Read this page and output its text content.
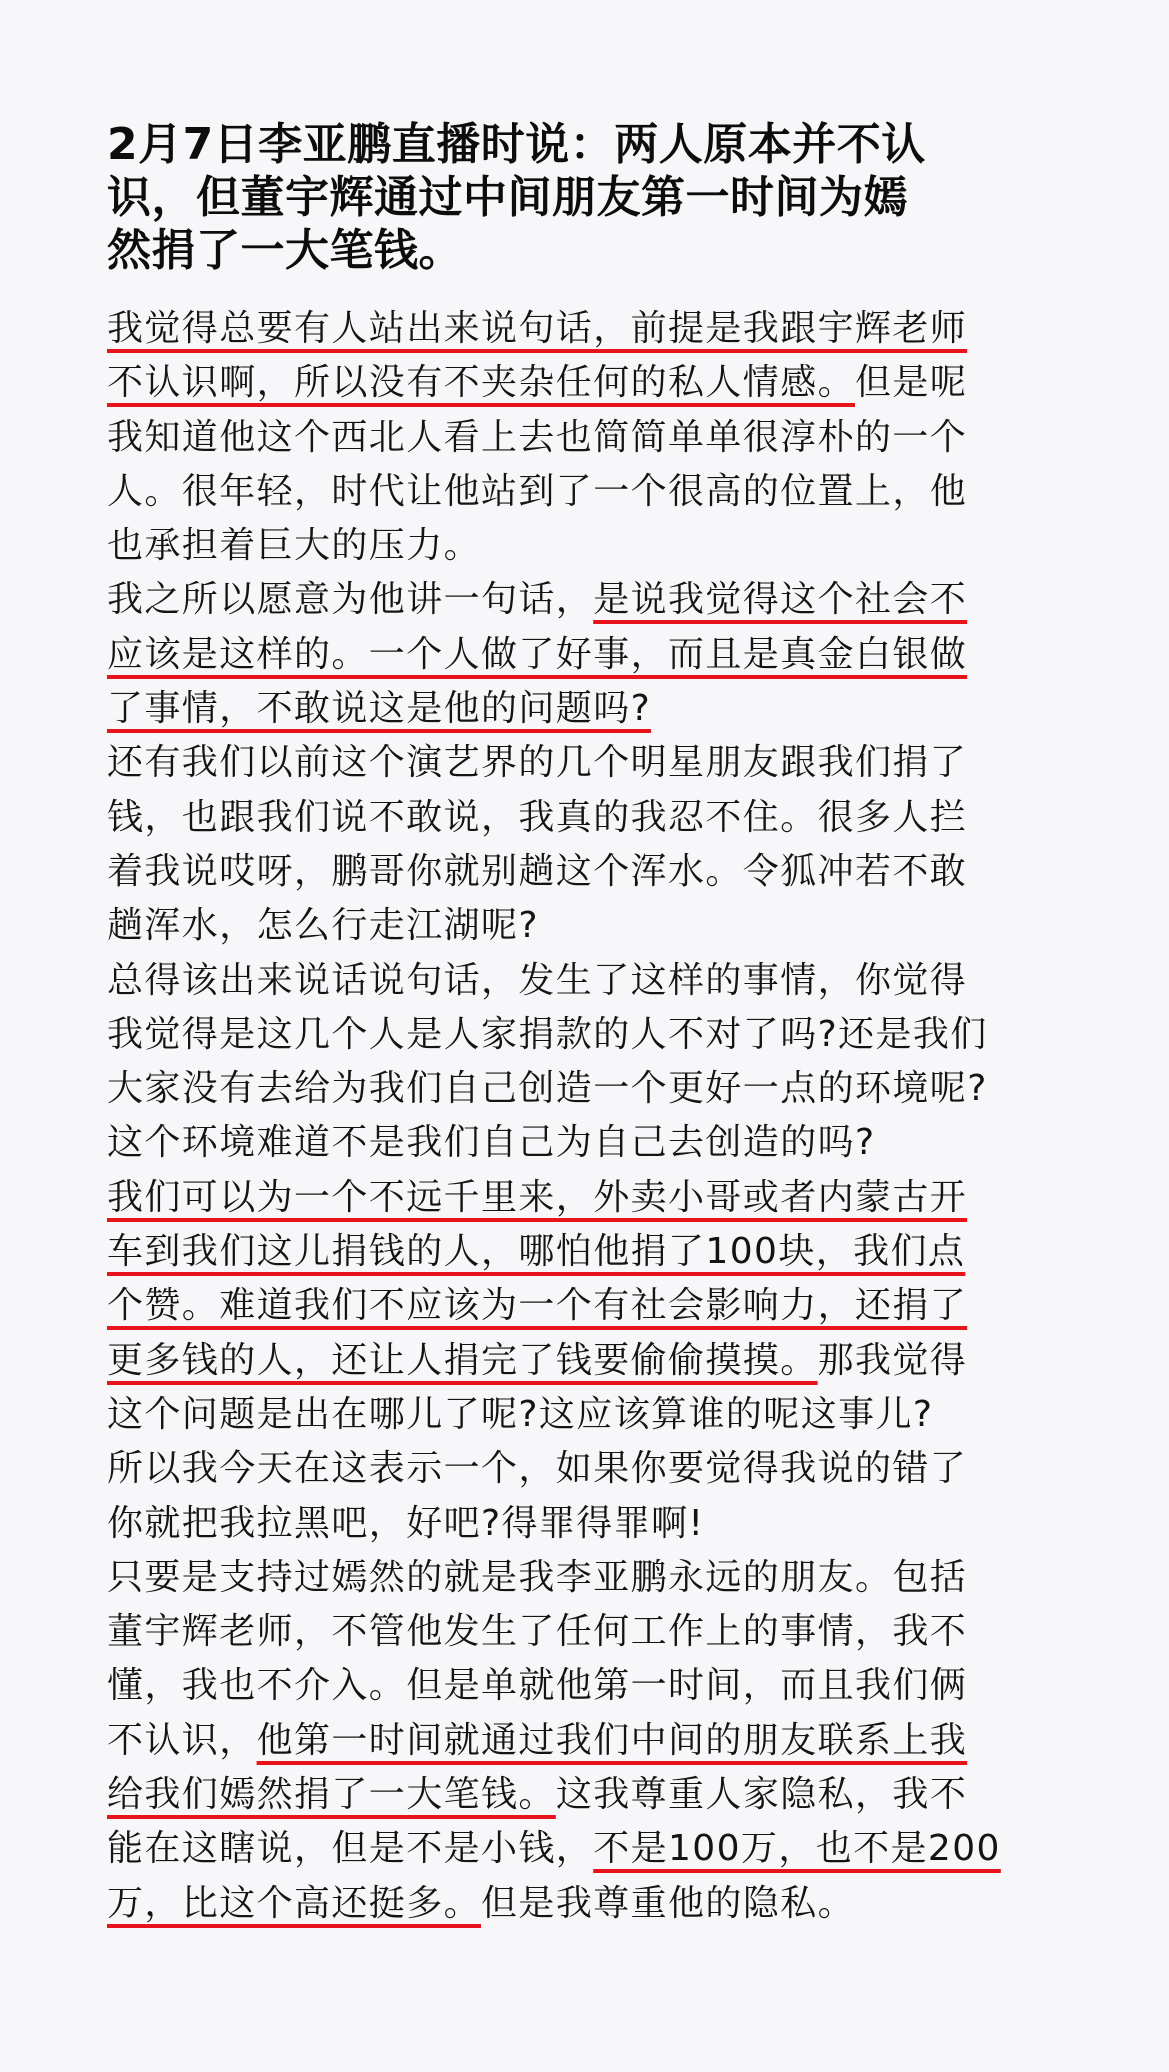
2月7日李亚鹏直播时说：两人原本并不认
识，但董宇辉通过中间朋友第一时间为嫣
然捐了一大笔钱。
我觉得总要有人站出来说句话，前提是我跟宇辉老师
不认识啊，所以没有不夹杂任何的私人情感。但是呢
我知道他这个西北人看上去也简简单单很淳朴的一个
人。很年轻，时代让他站到了一个很高的位置上，他
也承担着巨大的压力。
我之所以愿意为他讲一句话，是说我觉得这个社会不
应该是这样的。一个人做了好事，而且是真金白银做
了事情，不敢说这是他的问题吗?
还有我们以前这个演艺界的几个明星朋友跟我们捐了
钱，也跟我们说不敢说，我真的我忍不住。很多人拦
着我说哎呀，鹏哥你就别趟这个浑水。令狐冲若不敢
趟浑水，怎么行走江湖呢?
总得该出来说话说句话，发生了这样的事情，你觉得
我觉得是这几个人是人家捐款的人不对了吗?还是我们
大家没有去给为我们自己创造一个更好一点的环境呢?
这个环境难道不是我们自己为自己去创造的吗?
我们可以为一个不远千里来，外卖小哥或者内蒙古开
车到我们这儿捐钱的人，哪怕他捐了100块，我们点
个赞。难道我们不应该为一个有社会影响力，还捐了
更多钱的人，还让人捐完了钱要偷偷摸摸。那我觉得
这个问题是出在哪儿了呢?这应该算谁的呢这事儿?
所以我今天在这表示一个，如果你要觉得我说的错了
你就把我拉黑吧，好吧?得罪得罪啊!
只要是支持过嫣然的就是我李亚鹏永远的朋友。包括
董宇辉老师，不管他发生了任何工作上的事情，我不
懂，我也不介入。但是单就他第一时间，而且我们俩
不认识，他第一时间就通过我们中间的朋友联系上我
给我们嫣然捐了一大笔钱。这我尊重人家隐私，我不
能在这瞎说，但是不是小钱，不是100万，也不是200
万，比这个高还挺多。但是我尊重他的隐私。
